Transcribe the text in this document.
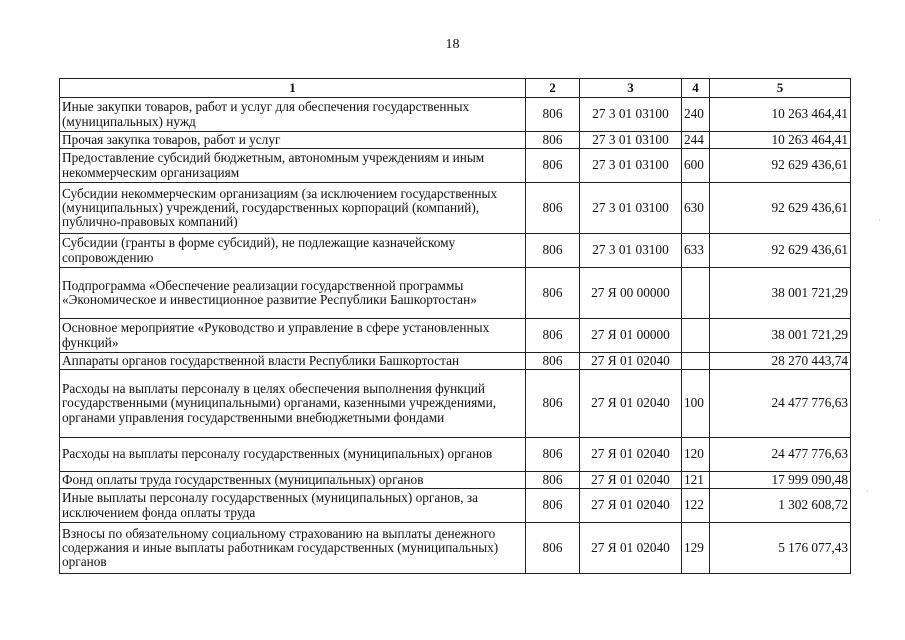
18
1	2	3	4	5
Иные закупки товаров, работ и услуг для обеспечения государственных (муниципальных) нужд	806	27 3 01 03100	240	10 263 464,41
Прочая закупка товаров, работ и услуг	806	27 3 01 03100	244	10 263 464,41
Предоставление субсидий бюджетным, автономным учреждениям и иным некоммерческим организациям	806	27 3 01 03100	600	92 629 436,61
Субсидии некоммерческим организациям (за исключением государственных (муниципальных) учреждений, государственных корпораций (компаний), публично-правовых компаний)	806	27 3 01 03100	630	92 629 436,61
Субсидии (гранты в форме субсидий), не подлежащие казначейскому сопровождению	806	27 3 01 03100	633	92 629 436,61
Подпрограмма «Обеспечение реализации государственной программы «Экономическое и инвестиционное развитие Республики Башкортостан»	806	27 Я 00 00000		38 001 721,29
Основное мероприятие «Руководство и управление в сфере установленных функций»	806	27 Я 01 00000		38 001 721,29
Аппараты органов государственной власти Республики Башкортостан	806	27 Я 01 02040		28 270 443,74
Расходы на выплаты персоналу в целях обеспечения выполнения функций государственными (муниципальными) органами, казенными учреждениями, органами управления государственными внебюджетными фондами	806	27 Я 01 02040	100	24 477 776,63
Расходы на выплаты персоналу государственных (муниципальных) органов	806	27 Я 01 02040	120	24 477 776,63
Фонд оплаты труда государственных (муниципальных) органов	806	27 Я 01 02040	121	17 999 090,48
Иные выплаты персоналу государственных (муниципальных) органов, за исключением фонда оплаты труда	806	27 Я 01 02040	122	1 302 608,72
Взносы по обязательному социальному страхованию на выплаты денежного содержания и иные выплаты работникам государственных (муниципальных) органов	806	27 Я 01 02040	129	5 176 077,43
·
·
